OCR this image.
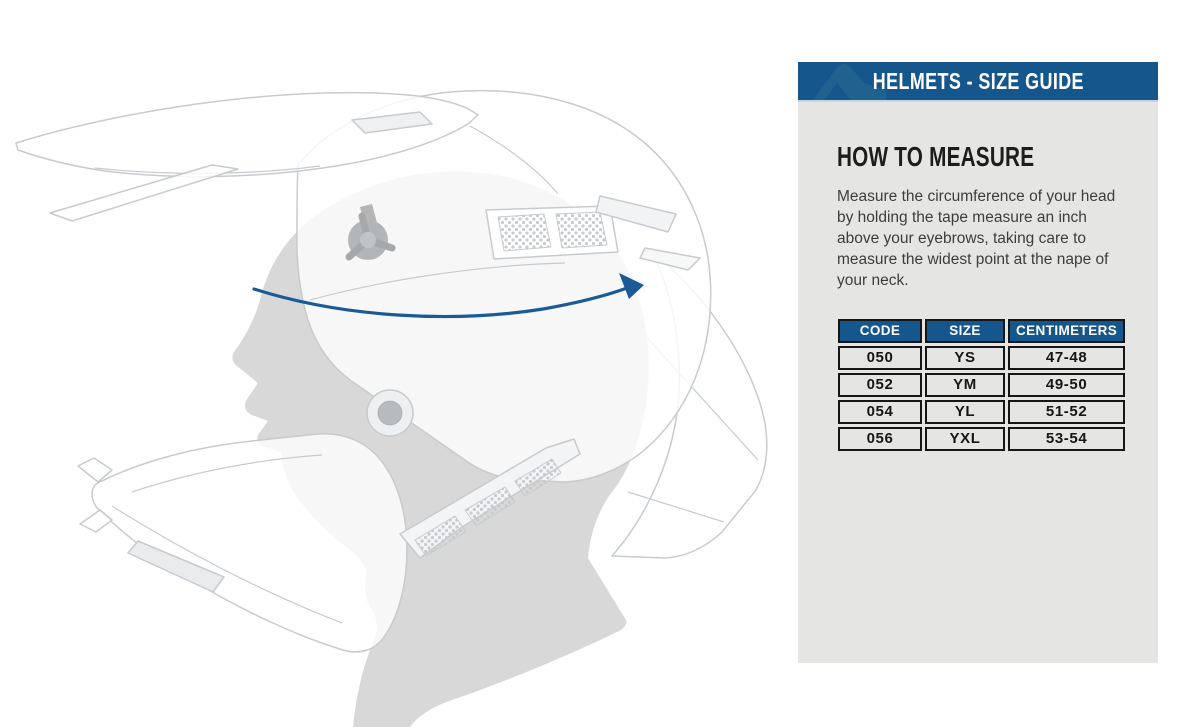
HELMETS - SIZE GUIDE
HOW TO MEASURE

Measure the circumference of your head by holding the tape measure an inch above your eyebrows, taking care to measure the widest point at the nape of your neck.

CODE	SIZE	CENTIMETERS
050	YS	47-48
052	YM	49-50
054	YL	51-52
056	YXL	53-54
